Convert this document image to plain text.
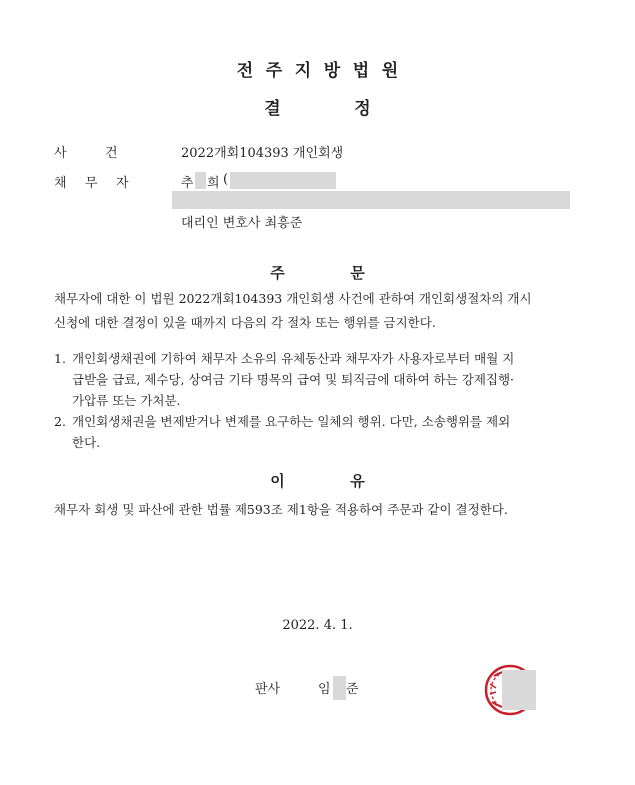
전 주 지 방 법 원
결	정
사	건	2022개회104393 개인회생
채 무 자	추 희 (
대리인 변호사 최흥준
주	문
채무자에 대한 이 법원 2022개회104393 개인회생 사건에 관하여 개인회생절차의 개시
신청에 대한 결정이 있을 때까지 다음의 각 절차 또는 행위를 금지한다.
1. 개인회생채권에 기하여 채무자 소유의 유체동산과 채무자가 사용자로부터 매월 지
급받을 급료, 제수당, 상여금 기타 명목의 급여 및 퇴직금에 대하여 하는 강제집행·
가압류 또는 가처분.
2. 개인회생채권을 변제받거나 변제를 요구하는 일체의 행위. 다만, 소송행위를 제외
한다.
이	유
채무자 회생 및 파산에 관한 법률 제593조 제1항을 적용하여 주문과 같이 결정한다.
2022. 4. 1.
판사	임 준
